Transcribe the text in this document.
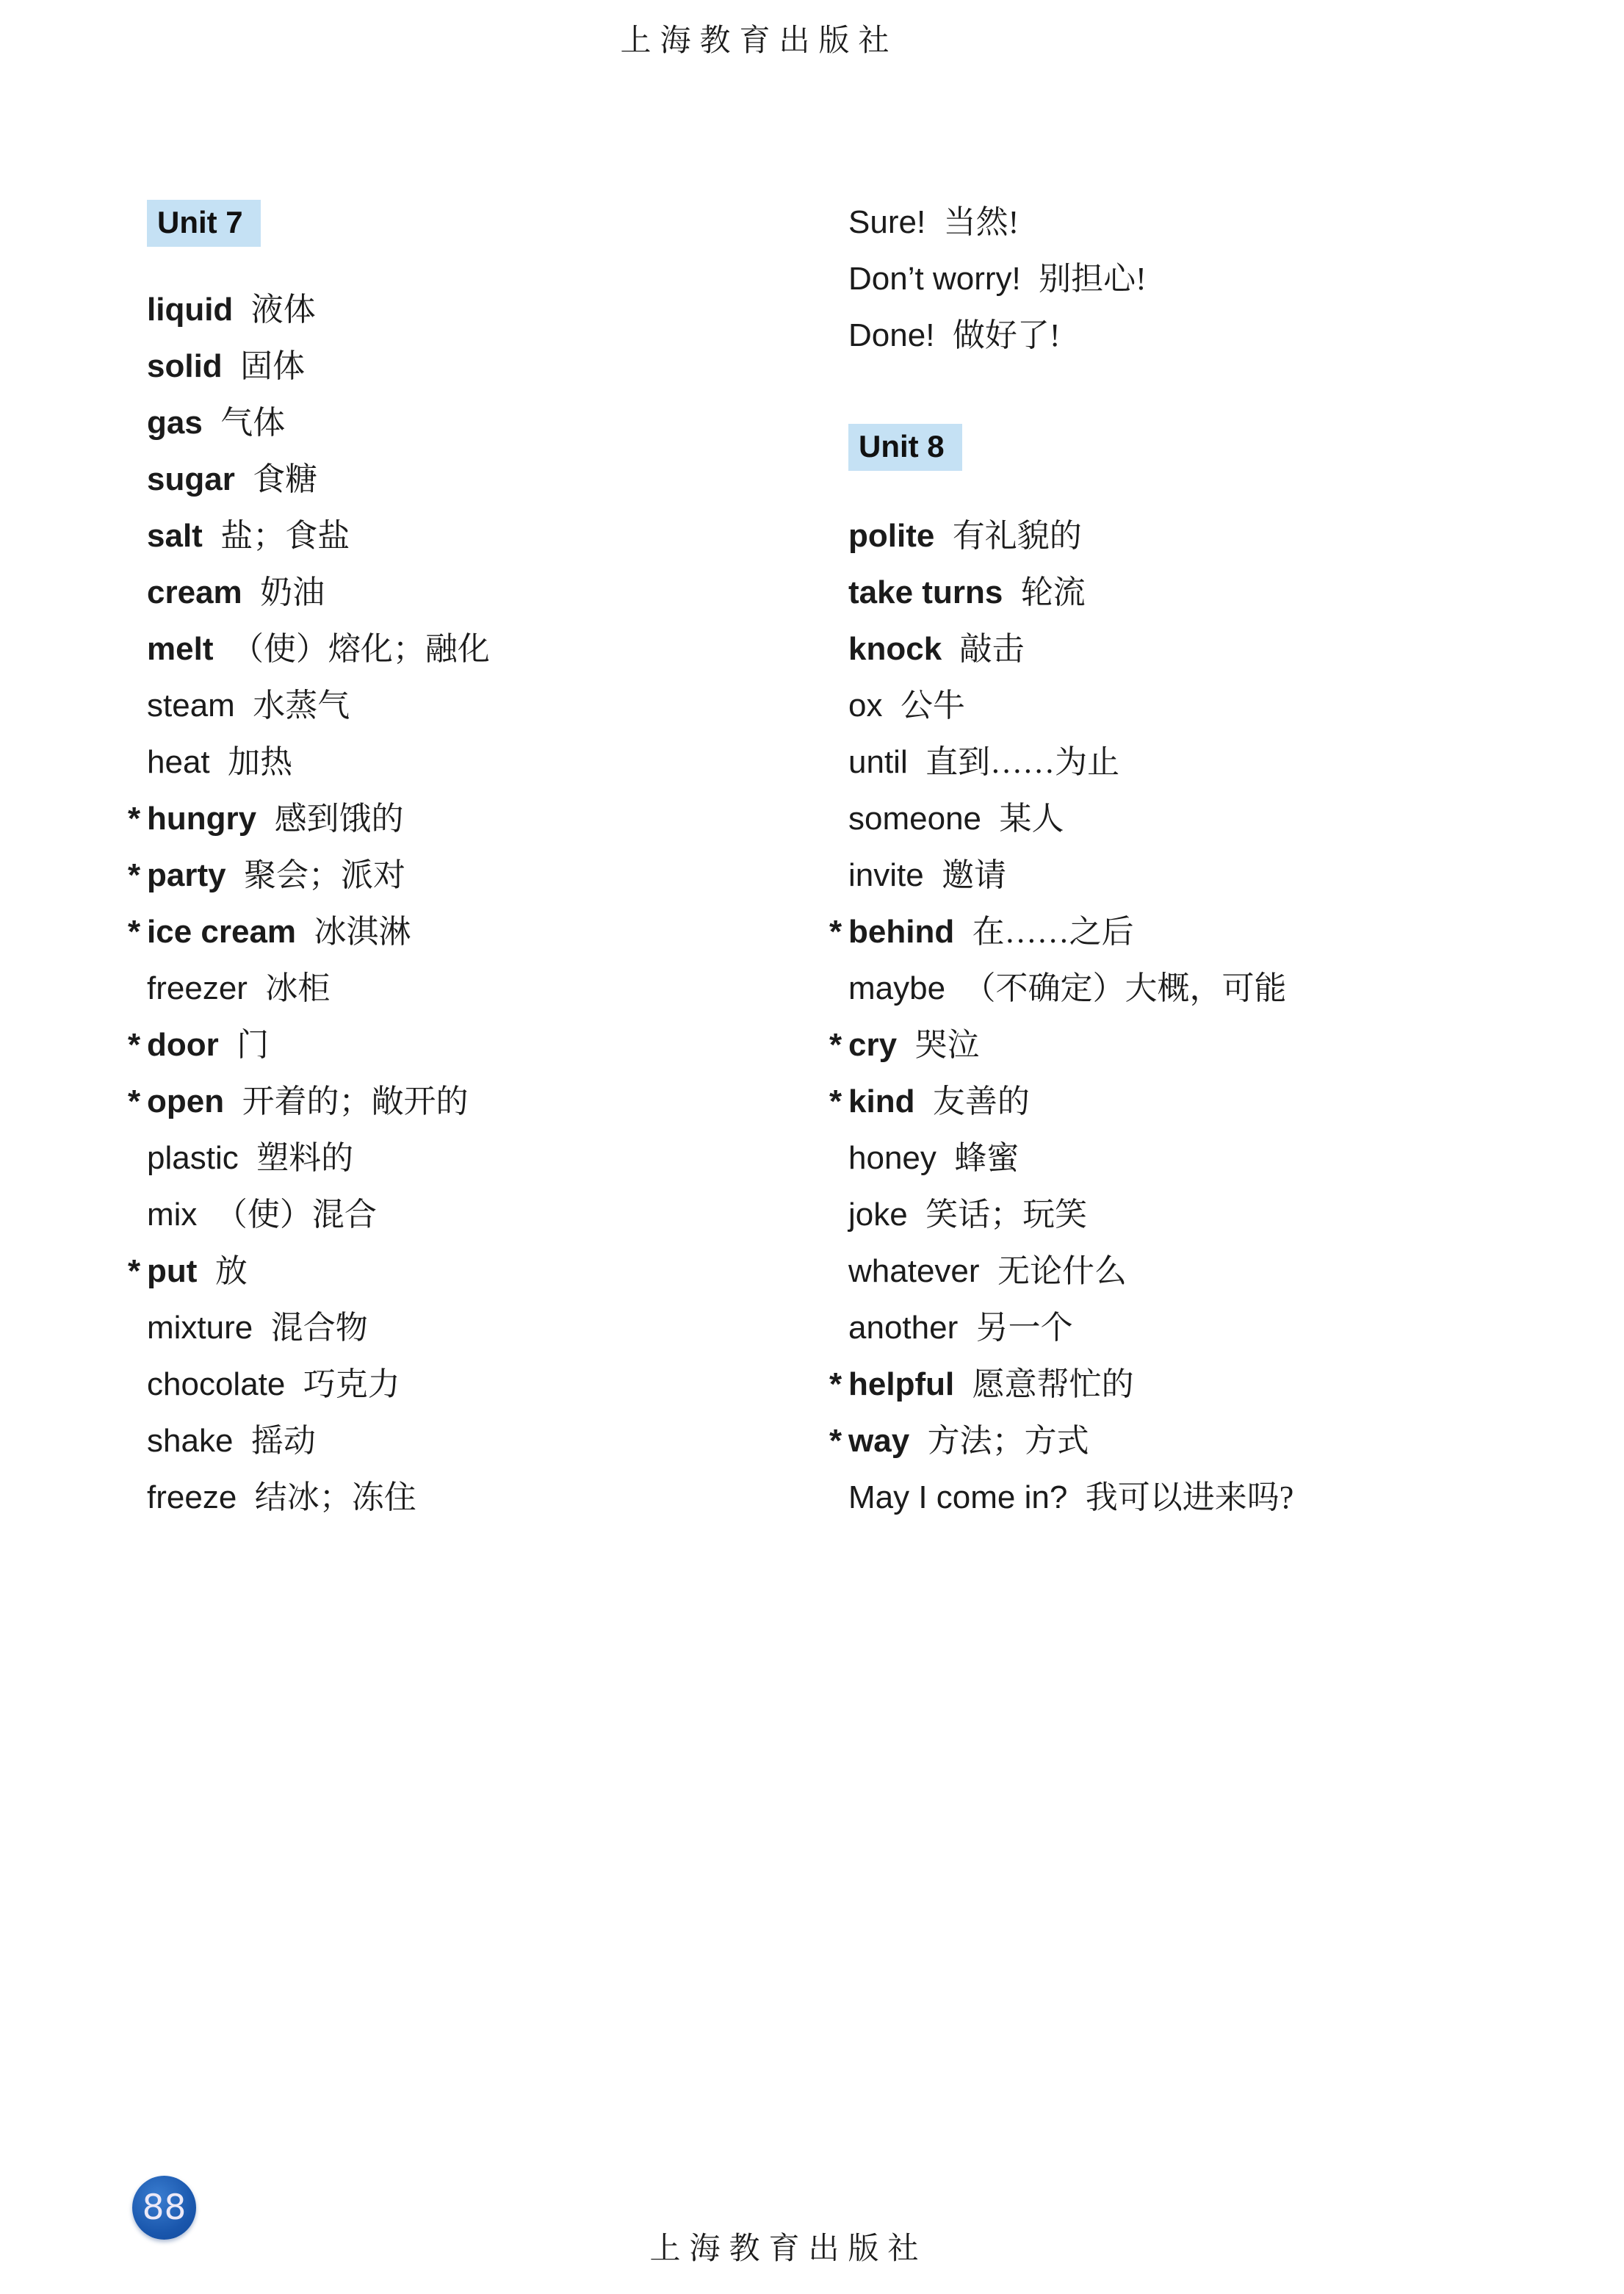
上海教育出版社
Unit 7
liquid 液体
solid 固体
gas 气体
sugar 食糖
salt 盐；食盐
cream 奶油
melt （使）熔化；融化
steam 水蒸气
heat 加热
* hungry 感到饿的
* party 聚会；派对
* ice cream 冰淇淋
freezer 冰柜
* door 门
* open 开着的；敞开的
plastic 塑料的
mix （使）混合
* put 放
mixture 混合物
chocolate 巧克力
shake 摇动
freeze 结冰；冻住
Sure! 当然!
Don’t worry! 别担心!
Done! 做好了!
Unit 8
polite 有礼貌的
take turns 轮流
knock 敲击
ox 公牛
until 直到……为止
someone 某人
invite 邀请
* behind 在……之后
maybe （不确定）大概，可能
* cry 哭泣
* kind 友善的
honey 蜂蜜
joke 笑话；玩笑
whatever 无论什么
another 另一个
* helpful 愿意帮忙的
* way 方法；方式
May I come in? 我可以进来吗?
88
上海教育出版社
